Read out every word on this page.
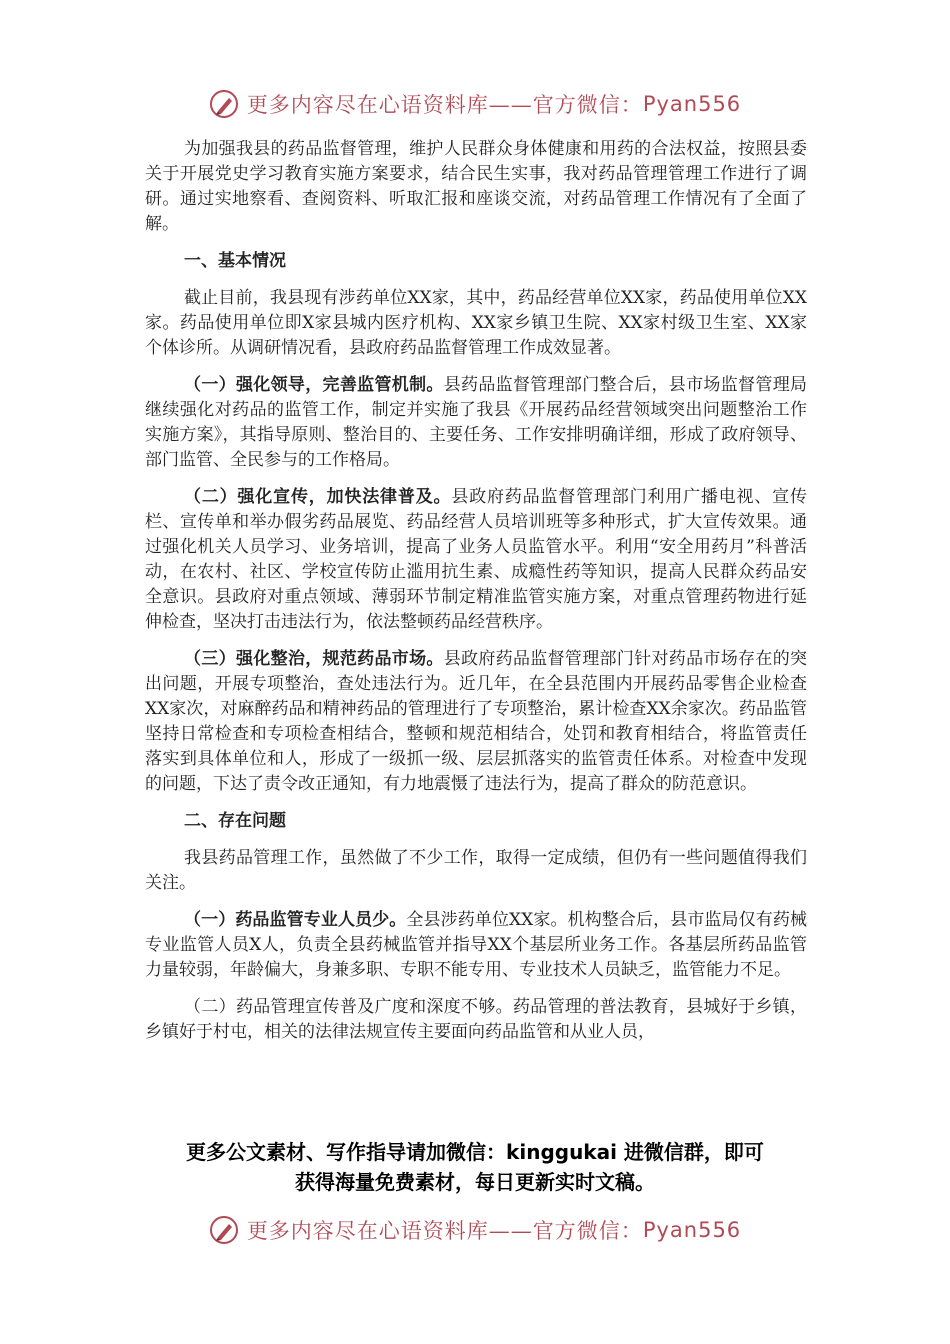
更多内容尽在心语资料库——官方微信： Pyan556

为加强我县的药品监督管理，维护人民群众身体健康和用药的合法权益，按照县委关于开展党史学习教育实施方案要求，结合民生实事，我对药品管理管理工作进行了调研。通过实地察看、查阅资料、听取汇报和座谈交流，对药品管理工作情况有了全面了解。

一、基本情况

截止目前，我县现有涉药单位XX家，其中，药品经营单位XX家，药品使用单位XX家。药品使用单位即X家县城内医疗机构、XX家乡镇卫生院、XX家村级卫生室、XX家个体诊所。从调研情况看，县政府药品监督管理工作成效显著。

（一）强化领导，完善监管机制。县药品监督管理部门整合后，县市场监督管理局继续强化对药品的监管工作，制定并实施了我县《开展药品经营领域突出问题整治工作实施方案》，其指导原则、整治目的、主要任务、工作安排明确详细，形成了政府领导、部门监管、全民参与的工作格局。

（二）强化宣传，加快法律普及。县政府药品监督管理部门利用广播电视、宣传栏、宣传单和举办假劣药品展览、药品经营人员培训班等多种形式，扩大宣传效果。通过强化机关人员学习、业务培训，提高了业务人员监管水平。利用“安全用药月”科普活动，在农村、社区、学校宣传防止滥用抗生素、成瘾性药等知识，提高人民群众药品安全意识。县政府对重点领域、薄弱环节制定精准监管实施方案，对重点管理药物进行延伸检查，坚决打击违法行为，依法整顿药品经营秩序。

（三）强化整治，规范药品市场。县政府药品监督管理部门针对药品市场存在的突出问题，开展专项整治，查处违法行为。近几年，在全县范围内开展药品零售企业检查XX家次，对麻醉药品和精神药品的管理进行了专项整治，累计检查XX余家次。药品监管坚持日常检查和专项检查相结合，整顿和规范相结合，处罚和教育相结合，将监管责任落实到具体单位和人，形成了一级抓一级、层层抓落实的监管责任体系。对检查中发现的问题，下达了责令改正通知，有力地震慑了违法行为，提高了群众的防范意识。

二、存在问题

我县药品管理工作，虽然做了不少工作，取得一定成绩，但仍有一些问题值得我们关注。

（一）药品监管专业人员少。全县涉药单位XX家。机构整合后，县市监局仅有药械专业监管人员X人，负责全县药械监管并指导XX个基层所业务工作。各基层所药品监管力量较弱，年龄偏大，身兼多职、专职不能专用、专业技术人员缺乏，监管能力不足。

（二）药品管理宣传普及广度和深度不够。药品管理的普法教育，县城好于乡镇，乡镇好于村屯，相关的法律法规宣传主要面向药品监管和从业人员，

更多公文素材、写作指导请加微信：kinggukai 进微信群，即可
获得海量免费素材，每日更新实时文稿。
更多内容尽在心语资料库——官方微信： Pyan556
